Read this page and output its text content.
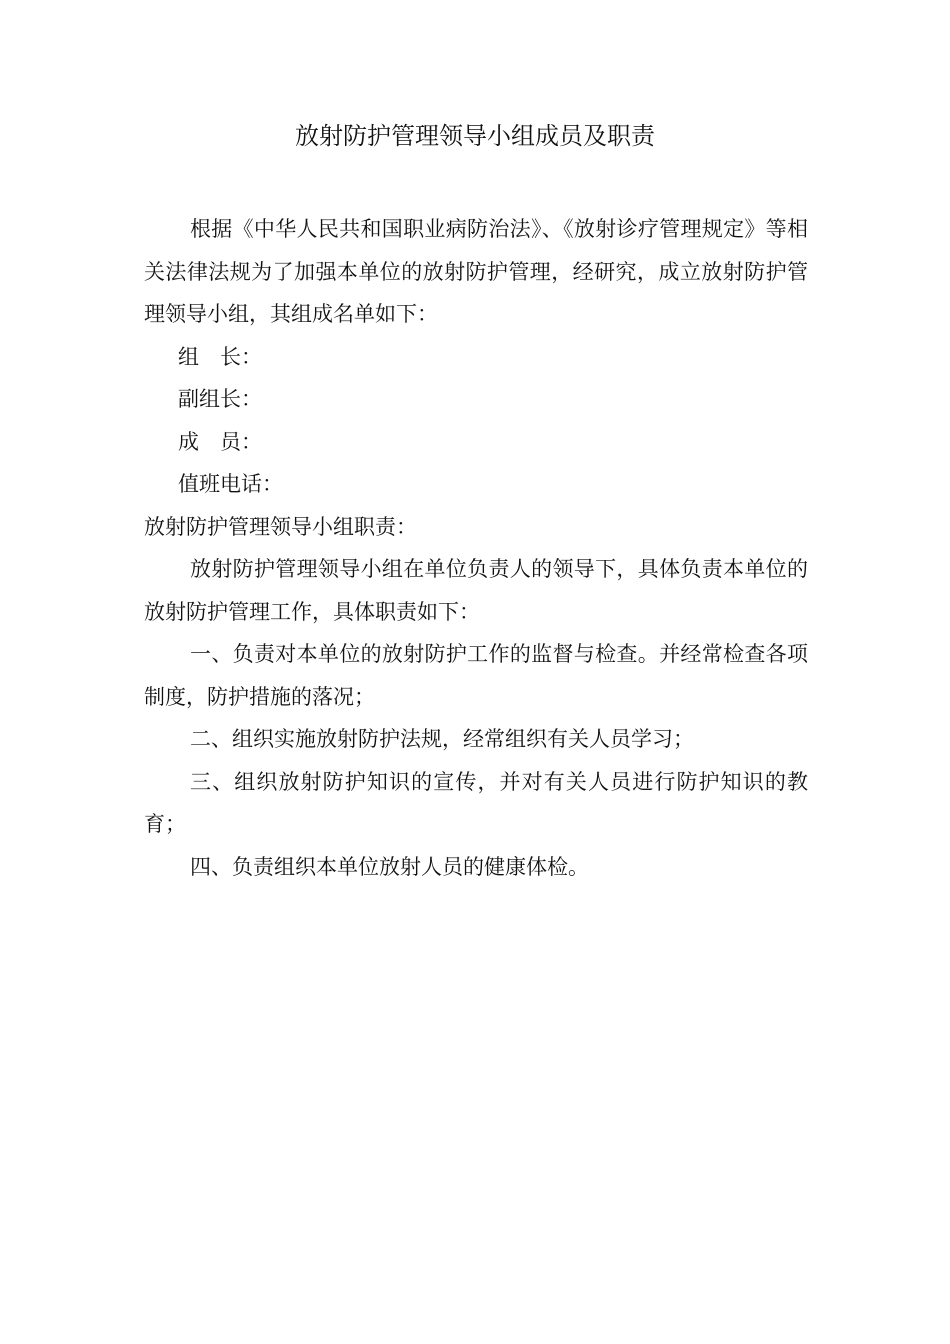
放射防护管理领导小组成员及职责

根据《中华人民共和国职业病防治法》、《放射诊疗管理规定》等相关法律法规为了加强本单位的放射防护管理，经研究，成立放射防护管理领导小组，其组成名单如下：

组　长：

副组长：

成　员：

值班电话：

放射防护管理领导小组职责：

放射防护管理领导小组在单位负责人的领导下，具体负责本单位的放射防护管理工作，具体职责如下：

一、负责对本单位的放射防护工作的监督与检查。并经常检查各项制度，防护措施的落况；

二、组织实施放射防护法规，经常组织有关人员学习；

三、组织放射防护知识的宣传，并对有关人员进行防护知识的教育；

四、负责组织本单位放射人员的健康体检。
